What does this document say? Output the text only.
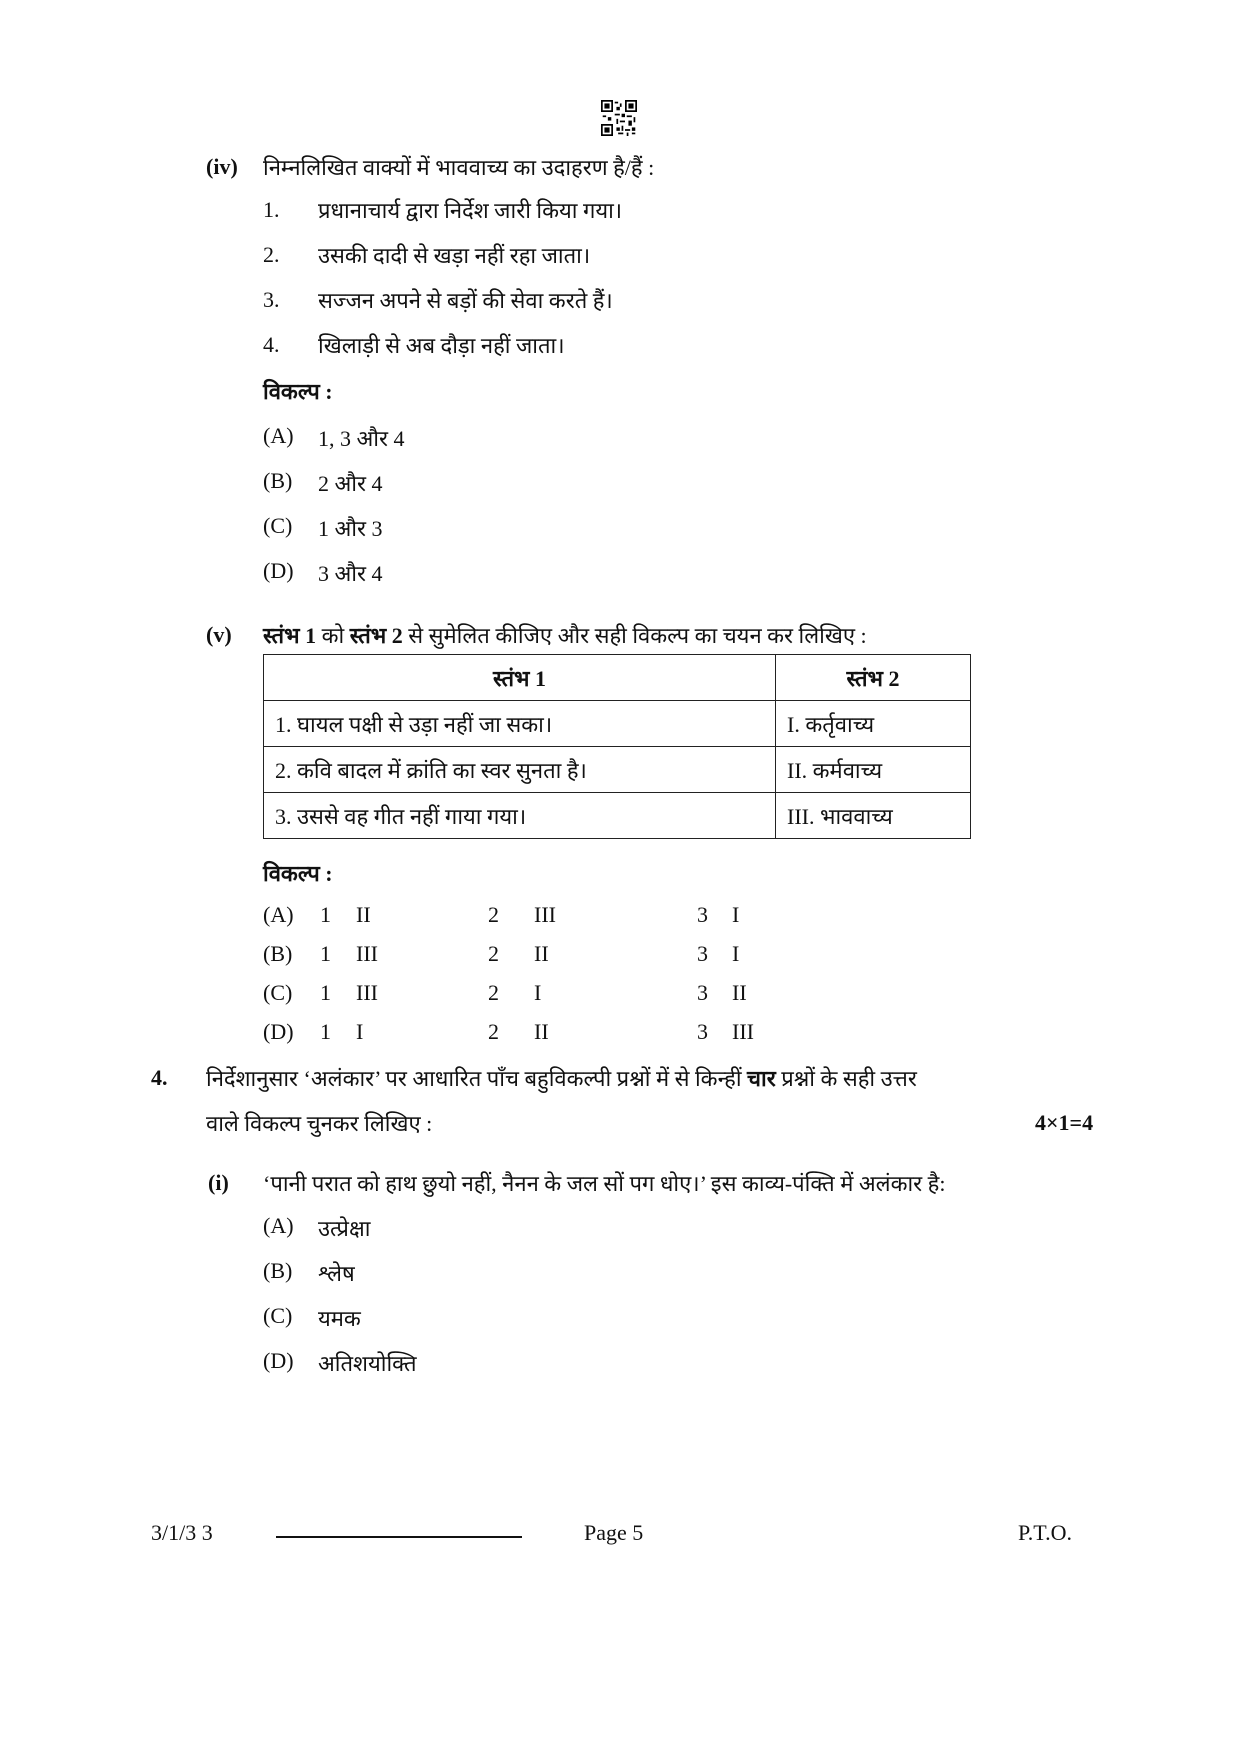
(iv) निम्नलिखित वाक्यों में भाववाच्य का उदाहरण है/हैं :
1. प्रधानाचार्य द्वारा निर्देश जारी किया गया।
2. उसकी दादी से खड़ा नहीं रहा जाता।
3. सज्जन अपने से बड़ों की सेवा करते हैं।
4. खिलाड़ी से अब दौड़ा नहीं जाता।
विकल्प :
(A) 1, 3 और 4
(B) 2 और 4
(C) 1 और 3
(D) 3 और 4
(v) स्तंभ 1 को स्तंभ 2 से सुमेलित कीजिए और सही विकल्प का चयन कर लिखिए :
स्तंभ 1	स्तंभ 2
1. घायल पक्षी से उड़ा नहीं जा सका।	I. कर्तृवाच्य
2. कवि बादल में क्रांति का स्वर सुनता है।	II. कर्मवाच्य
3. उससे वह गीत नहीं गाया गया।	III. भाववाच्य
विकल्प :
(A) 1 II	2 III	3 I
(B) 1 III	2 II	3 I
(C) 1 III	2 I	3 II
(D) 1 I	2 II	3 III
4. निर्देशानुसार ‘अलंकार’ पर आधारित पाँच बहुविकल्पी प्रश्नों में से किन्हीं चार प्रश्नों के सही उत्तर
वाले विकल्प चुनकर लिखिए :	4×1=4
(i) ‘पानी परात को हाथ छुयो नहीं, नैनन के जल सों पग धोए।’ इस काव्य-पंक्ति में अलंकार है:
(A) उत्प्रेक्षा
(B) श्लेष
(C) यमक
(D) अतिशयोक्ति
3/1/3 3	Page 5	P.T.O.
